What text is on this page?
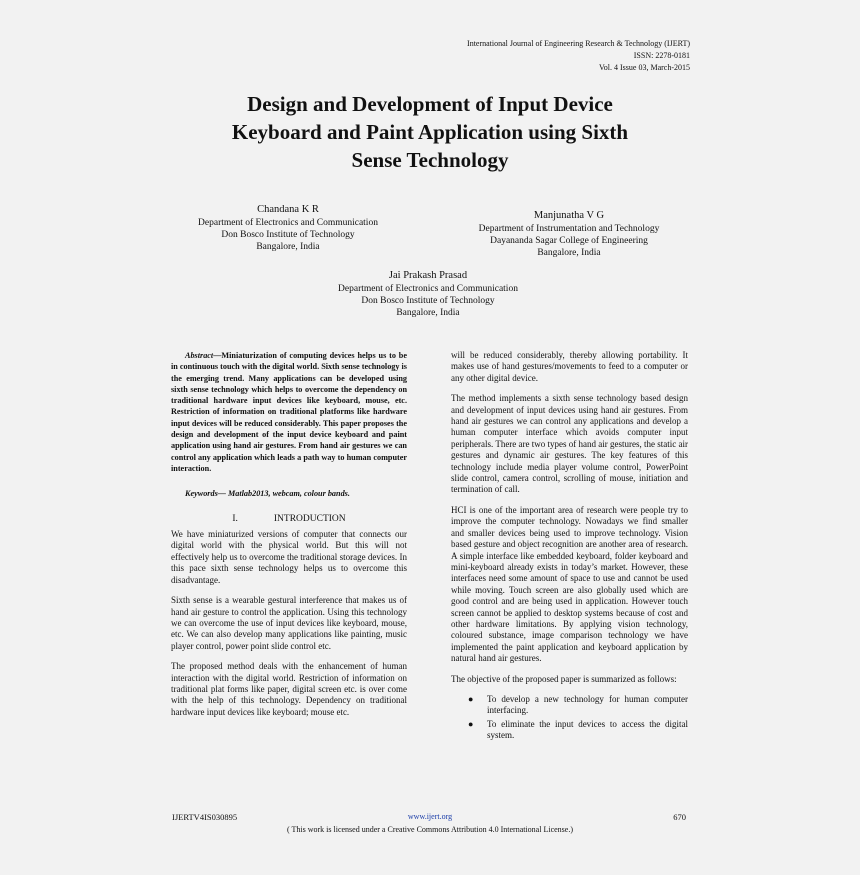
International Journal of Engineering Research & Technology (IJERT)
ISSN: 2278-0181
Vol. 4 Issue 03, March-2015
Design and Development of Input Device
Keyboard and Paint Application using Sixth
Sense Technology
Chandana K R
Department of Electronics and Communication
Don Bosco Institute of Technology
Bangalore, India
Manjunatha V G
Department of Instrumentation and Technology
Dayananda Sagar College of Engineering
Bangalore, India
Jai Prakash Prasad
Department of Electronics and Communication
Don Bosco Institute of Technology
Bangalore, India

Abstract—Miniaturization of computing devices helps us to be in continuous touch with the digital world. Sixth sense technology is the emerging trend. Many applications can be developed using sixth sense technology which helps to overcome the dependency on traditional hardware input devices like keyboard, mouse, etc. Restriction of information on traditional platforms like hardware input devices will be reduced considerably. This paper proposes the design and development of the input device keyboard and paint application using hand air gestures. From hand air gestures we can control any application which leads a path way to human computer interaction.

Keywords— Matlab2013, webcam, colour bands.

I.	INTRODUCTION

We have miniaturized versions of computer that connects our digital world with the physical world. But this will not effectively help us to overcome the traditional storage devices. In this pace sixth sense technology helps us to overcome this disadvantage.

Sixth sense is a wearable gestural interference that makes us of hand air gesture to control the application. Using this technology we can overcome the use of input devices like keyboard, mouse, etc. We can also develop many applications like painting, music player control, power point slide control etc.

The proposed method deals with the enhancement of human interaction with the digital world. Restriction of information on traditional plat forms like paper, digital screen etc. is over come with the help of this technology. Dependency on traditional hardware input devices like keyboard; mouse etc.

will be reduced considerably, thereby allowing portability. It makes use of hand gestures/movements to feed to a computer or any other digital device.

The method implements a sixth sense technology based design and development of input devices using hand air gestures. From hand air gestures we can control any applications and develop a human computer interface which avoids computer input peripherals. There are two types of hand air gestures, the static air gestures and dynamic air gestures. The key features of this technology include media player volume control, PowerPoint slide control, camera control, scrolling of mouse, initiation and termination of call.

HCI is one of the important area of research were people try to improve the computer technology. Nowadays we find smaller and smaller devices being used to improve technology. Vision based gesture and object recognition are another area of research. A simple interface like embedded keyboard, folder keyboard and mini-keyboard already exists in today’s market. However, these interfaces need some amount of space to use and cannot be used while moving. Touch screen are also globally used which are good control and are being used in application. However touch screen cannot be applied to desktop systems because of cost and other hardware limitations. By applying vision technology, coloured substance, image comparison technology we have implemented the paint application and keyboard application by natural hand air gestures.

The objective of the proposed paper is summarized as follows:

● To develop a new technology for human computer interfacing.
● To eliminate the input devices to access the digital system.
IJERTV4IS030895	www.ijert.org	670
( This work is licensed under a Creative Commons Attribution 4.0 International License.)
